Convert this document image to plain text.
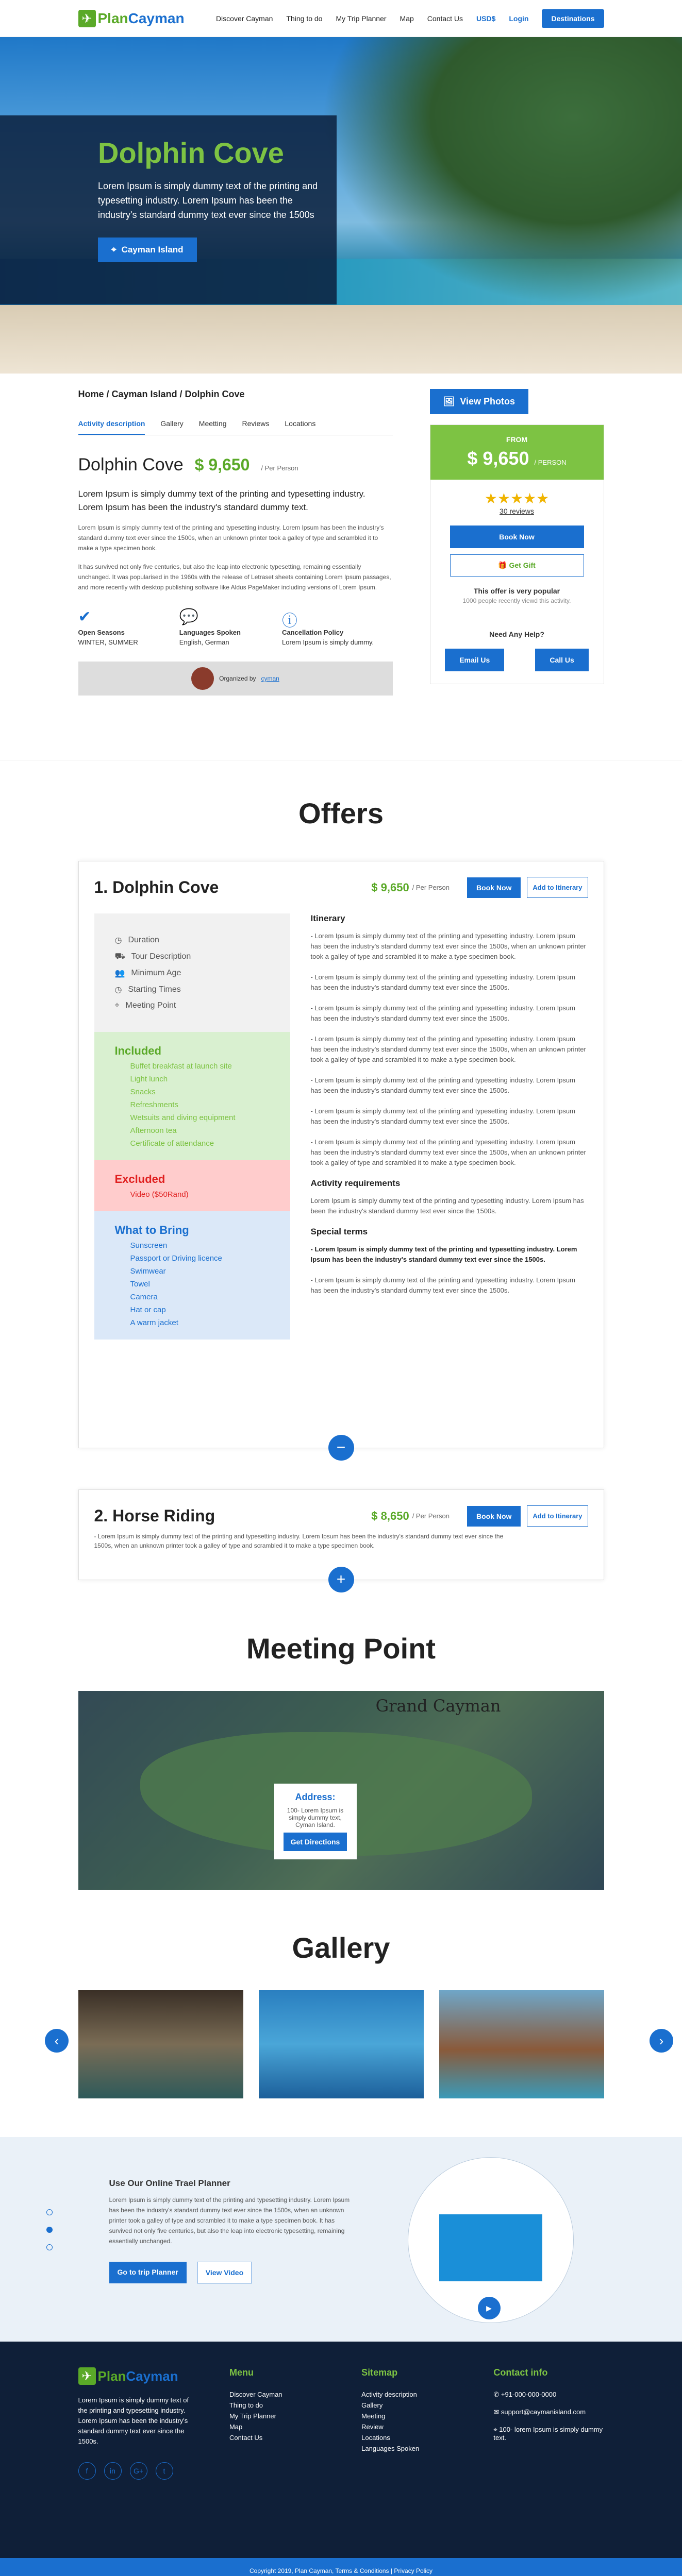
✈ Plan Cayman	Discover Cayman Thing to do My Trip Planner Map Contact Us USD$ Login	Destinations
Dolphin Cove

Lorem Ipsum is simply dummy text of the printing and typesetting industry. Lorem Ipsum has been the industry's standard dummy text ever since the 1500s

⌖ Cayman Island
Home / Cayman Island / Dolphin Cove
Activity description Gallery Meetting Reviews Locations
Dolphin Cove $ 9,650 / Per Person

Lorem Ipsum is simply dummy text of the printing and typesetting industry. Lorem Ipsum has been the industry's standard dummy text.

Lorem Ipsum is simply dummy text of the printing and typesetting industry. Lorem Ipsum has been the industry's standard dummy text ever since the 1500s, when an unknown printer took a galley of type and scrambled it to make a type specimen book.

It has survived not only five centuries, but also the leap into electronic typesetting, remaining essentially unchanged. It was popularised in the 1960s with the release of Letraset sheets containing Lorem Ipsum passages, and more recently with desktop publishing software like Aldus PageMaker including versions of Lorem Ipsum.

✔
Open Seasons
WINTER, SUMMER
💬
Languages Spoken
English, German
ⓘ
Cancellation Policy
Lorem Ipsum is simply dummy.
Organized by cyman
🖼 View Photos
FROM
$ 9,650 / PERSON
★★★★★
30 reviews
Book Now
🎁 Get Gift
This offer is very popular
1000 people recently viewd this activity.
Need Any Help?
Email Us	Call Us
Offers
1. Dolphin Cove	$ 9,650 / Per Person	Book Now	Add to Itinerary
◷ Duration
⛟ Tour Description
👥 Minimum Age
◷ Starting Times
⌖ Meeting Point
Included
Buffet breakfast at launch site
Light lunch
Snacks
Refreshments
Wetsuits and diving equipment
Afternoon tea
Certificate of attendance
Excluded
Video ($50Rand)
What to Bring
Sunscreen
Passport or Driving licence
Swimwear
Towel
Camera
Hat or cap
A warm jacket
Itinerary

- Lorem Ipsum is simply dummy text of the printing and typesetting industry. Lorem Ipsum has been the industry's standard dummy text ever since the 1500s, when an unknown printer took a galley of type and scrambled it to make a type specimen book.

- Lorem Ipsum is simply dummy text of the printing and typesetting industry. Lorem Ipsum has been the industry's standard dummy text ever since the 1500s.

- Lorem Ipsum is simply dummy text of the printing and typesetting industry. Lorem Ipsum has been the industry's standard dummy text ever since the 1500s.

- Lorem Ipsum is simply dummy text of the printing and typesetting industry. Lorem Ipsum has been the industry's standard dummy text ever since the 1500s, when an unknown printer took a galley of type and scrambled it to make a type specimen book.

- Lorem Ipsum is simply dummy text of the printing and typesetting industry. Lorem Ipsum has been the industry's standard dummy text ever since the 1500s.

- Lorem Ipsum is simply dummy text of the printing and typesetting industry. Lorem Ipsum has been the industry's standard dummy text ever since the 1500s.

- Lorem Ipsum is simply dummy text of the printing and typesetting industry. Lorem Ipsum has been the industry's standard dummy text ever since the 1500s, when an unknown printer took a galley of type and scrambled it to make a type specimen book.

Activity requirements

Lorem Ipsum is simply dummy text of the printing and typesetting industry. Lorem Ipsum has been the industry's standard dummy text ever since the 1500s.

Special terms

- Lorem Ipsum is simply dummy text of the printing and typesetting industry. Lorem Ipsum has been the industry's standard dummy text ever since the 1500s.

- Lorem Ipsum is simply dummy text of the printing and typesetting industry. Lorem Ipsum has been the industry's standard dummy text ever since the 1500s.

−
2. Horse Riding	$ 8,650 / Per Person	Book Now	Add to Itinerary

- Lorem Ipsum is simply dummy text of the printing and typesetting industry. Lorem Ipsum has been the industry's standard dummy text ever since the 1500s, when an unknown printer took a galley of type and scrambled it to make a type specimen book.

+
Meeting Point
Grand Cayman
Address:

100- Lorem Ipsum is simply dummy text, Cyman Island.

Get Directions
Gallery
‹	›
Use Our Online Trael Planner

Lorem Ipsum is simply dummy text of the printing and typesetting industry. Lorem Ipsum has been the industry's standard dummy text ever since the 1500s, when an unknown printer took a galley of type and scrambled it to make a type specimen book. It has survived not only five centuries, but also the leap into electronic typesetting, remaining essentially unchanged.

Go to trip Planner	View Video
▶
✈ Plan Cayman
Lorem Ipsum is simply dummy text of the printing and typesetting industry. Lorem Ipsum has been the industry's standard dummy text ever since the 1500s.
f	in	G+	t
Menu
Discover Cayman
Thing to do
My Trip Planner
Map
Contact Us
Sitemap
Activity description
Gallery
Meeting
Review
Locations
Languages Spoken
Contact info
✆ +91-000-000-0000
✉ support@caymanisland.com
⌖ 100- lorem Ipsum is simply dummy text.
Copyright 2019, Plan Cayman, Terms & Conditions | Privacy Policy
